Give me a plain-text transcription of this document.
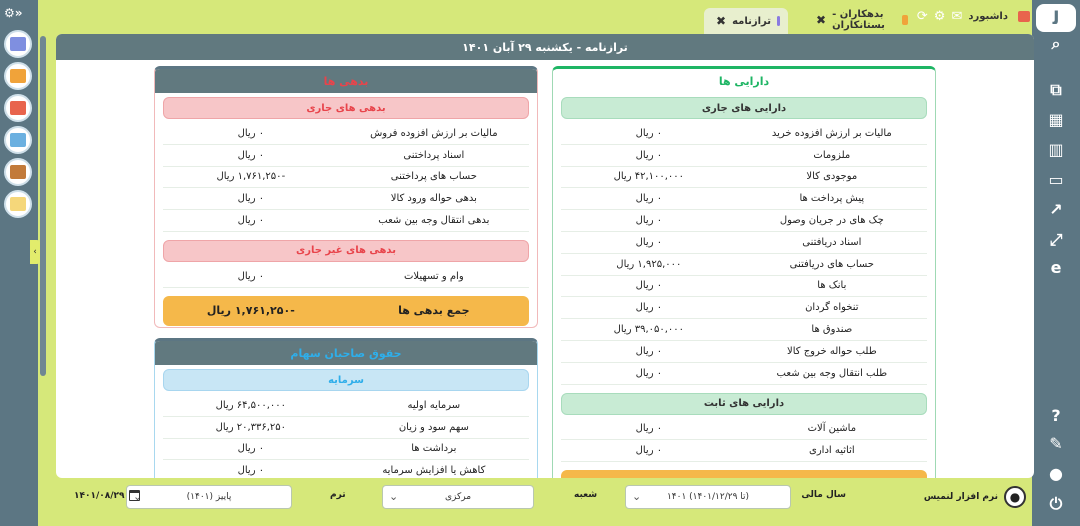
⚙»
‹
ﻟ
⌕
⧉
▦
▥
▭
↗
⤢
e
?
✎
●
⏻
✖ ترازنامه	✖ بدهکاران - بستانکاران
⟳ ⚙ ✉ داشبورد
ترازنامه - یکشنبه ۲۹ آبان ۱۴۰۱
دارایی ها
دارایی های جاری
۰ ریال	مالیات بر ارزش افزوده خرید
۰ ریال	ملزومات
۴۲,۱۰۰,۰۰۰ ریال	موجودی کالا
۰ ریال	پیش پرداخت ها
۰ ریال	چک های در جریان وصول
۰ ریال	اسناد دریافتنی
۱,۹۲۵,۰۰۰ ریال	حساب های دریافتنی
۰ ریال	بانک ها
۰ ریال	تنخواه گردان
۳۹,۰۵۰,۰۰۰ ریال	صندوق ها
۰ ریال	طلب حواله خروج کالا
۰ ریال	طلب انتقال وجه بین شعب
دارایی های ثابت
۰ ریال	ماشین آلات
۰ ریال	اثاثیه اداری
بدهی ها
بدهی های جاری
۰ ریال	مالیات بر ارزش افزوده فروش
۰ ریال	اسناد پرداختنی
-۱,۷۶۱,۲۵۰ ریال	حساب های پرداختنی
۰ ریال	بدهی حواله ورود کالا
۰ ریال	بدهی انتقال وجه بین شعب
بدهی های غیر جاری
۰ ریال	وام و تسهیلات
-۱,۷۶۱,۲۵۰ ریال	جمع بدهی ها
حقوق صاحبان سهام
سرمایه
۶۴,۵۰۰,۰۰۰ ریال	سرمایه اولیه
۲۰,۳۳۶,۲۵۰ ریال	سهم سود و زیان
۰ ریال	برداشت ها
۰ ریال	کاهش یا افزایش سرمایه
نرم افزار لنمیس ●
سال مالی
⌄	۱۴۰۱ (تا ۱۴۰۱/۱۲/۲۹)
شعبه
⌄	مرکزی
ترم
⌄	پاییز (۱۴۰۱)
۱۴۰۱/۰۸/۲۹
